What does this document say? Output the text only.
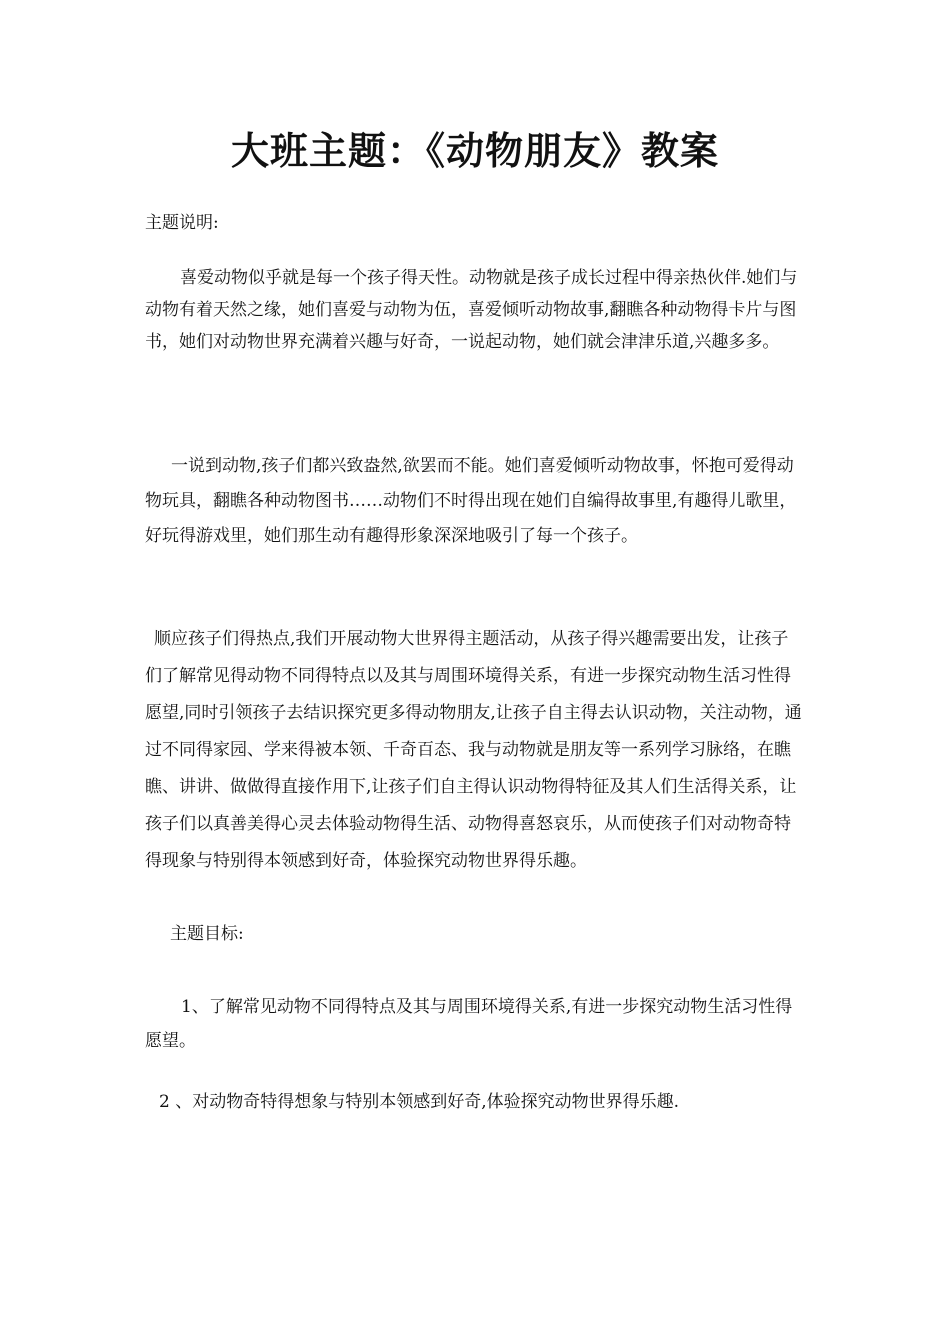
大班主题：《动物朋友》教案

主题说明:

喜爱动物似乎就是每一个孩子得天性。动物就是孩子成长过程中得亲热伙伴.她们与动物有着天然之缘，她们喜爱与动物为伍，喜爱倾听动物故事,翻瞧各种动物得卡片与图书，她们对动物世界充满着兴趣与好奇，一说起动物，她们就会津津乐道,兴趣多多。

一说到动物,孩子们都兴致盎然,欲罢而不能。她们喜爱倾听动物故事，怀抱可爱得动物玩具，翻瞧各种动物图书……动物们不时得出现在她们自编得故事里,有趣得儿歌里，好玩得游戏里，她们那生动有趣得形象深深地吸引了每一个孩子。

顺应孩子们得热点,我们开展动物大世界得主题活动，从孩子得兴趣需要出发，让孩子们了解常见得动物不同得特点以及其与周围环境得关系，有进一步探究动物生活习性得愿望,同时引领孩子去结识探究更多得动物朋友,让孩子自主得去认识动物，关注动物，通过不同得家园、学来得被本领、千奇百态、我与动物就是朋友等一系列学习脉络，在瞧瞧、讲讲、做做得直接作用下,让孩子们自主得认识动物得特征及其人们生活得关系，让孩子们以真善美得心灵去体验动物得生活、动物得喜怒哀乐，从而使孩子们对动物奇特得现象与特别得本领感到好奇，体验探究动物世界得乐趣。

主题目标:

1、了解常见动物不同得特点及其与周围环境得关系,有进一步探究动物生活习性得愿望。

2 、对动物奇特得想象与特别本领感到好奇,体验探究动物世界得乐趣.
